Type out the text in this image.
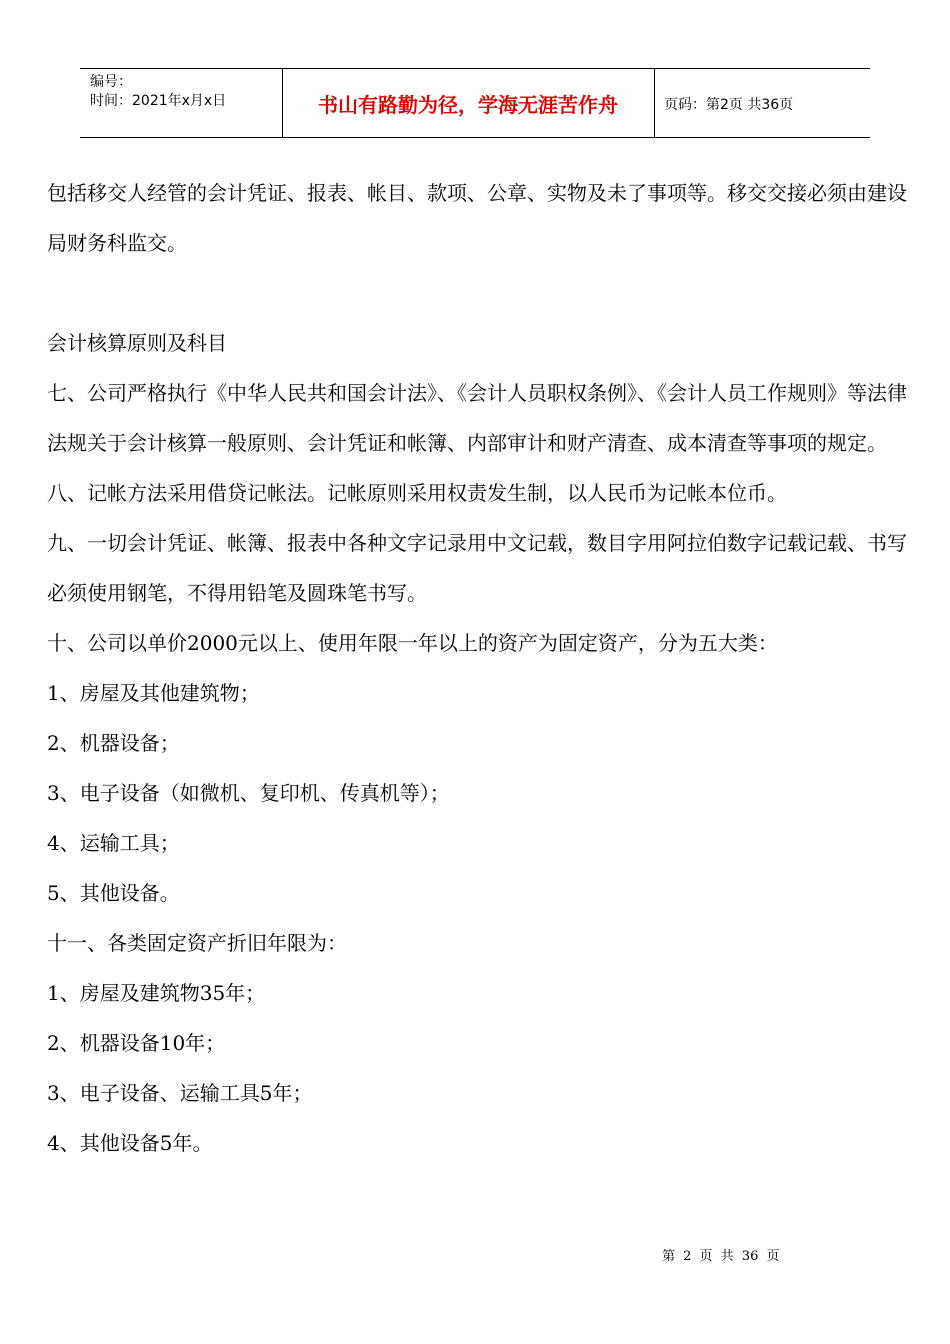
编号：
时间：2021年x月x日	书山有路勤为径，学海无涯苦作舟	页码：第2页 共36页

包括移交人经管的会计凭证、报表、帐目、款项、公章、实物及未了事项等。移交交接必须由建设局财务科监交。

会计核算原则及科目

七、公司严格执行《中华人民共和国会计法》、《会计人员职权条例》、《会计人员工作规则》等法律法规关于会计核算一般原则、会计凭证和帐簿、内部审计和财产清查、成本清查等事项的规定。

八、记帐方法采用借贷记帐法。记帐原则采用权责发生制，以人民币为记帐本位币。

九、一切会计凭证、帐簿、报表中各种文字记录用中文记载，数目字用阿拉伯数字记载记载、书写必须使用钢笔，不得用铅笔及圆珠笔书写。

十、公司以单价2000元以上、使用年限一年以上的资产为固定资产，分为五大类：

1、房屋及其他建筑物；

2、机器设备；

3、电子设备（如微机、复印机、传真机等）；

4、运输工具；

5、其他设备。

十一、各类固定资产折旧年限为：

1、房屋及建筑物35年；

2、机器设备10年；

3、电子设备、运输工具5年；

4、其他设备5年。

第 2 页 共 36 页
